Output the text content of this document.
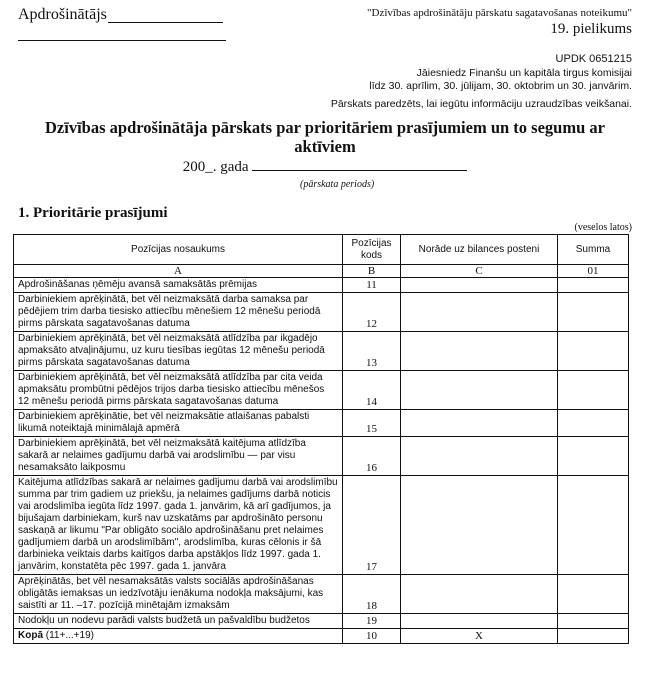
Apdrošinātājs	"Dzīvības apdrošinātāju pārskatu sagatavošanas noteikumu"
19. pielikums
UPDK 0651215
Jāiesniedz Finanšu un kapitāla tirgus komisijai
līdz 30. aprīlim, 30. jūlijam, 30. oktobrim un 30. janvārim.
Pārskats paredzēts, lai iegūtu informāciju uzraudzības veikšanai.
Dzīvības apdrošinātāja pārskats par prioritāriem prasījumiem un to segumu ar aktīviem
200_. gada
(pārskata periods)
1. Prioritārie prasījumi
(veselos latos)
Pozīcijas nosaukums	Pozīcijas kods	Norāde uz bilances posteni	Summa
A	B	C	01
Apdrošināšanas ņēmēju avansā samaksātās prēmijas	11		
Darbiniekiem aprēķinātā, bet vēl neizmaksātā darba samaksa par pēdējiem trim darba tiesisko attiecību mēnešiem 12 mēnešu periodā pirms pārskata sagatavošanas datuma	12		
Darbiniekiem aprēķinātā, bet vēl neizmaksātā atlīdzība par ikgadējo apmaksāto atvaļinājumu, uz kuru tiesības iegūtas 12 mēnešu periodā pirms pārskata sagatavošanas datuma	13		
Darbiniekiem aprēķinātā, bet vēl neizmaksātā atlīdzība par cita veida apmaksātu prombūtni pēdējos trijos darba tiesisko attiecību mēnešos 12 mēnešu periodā pirms pārskata sagatavošanas datuma	14		
Darbiniekiem aprēķinātie, bet vēl neizmaksātie atlaišanas pabalsti likumā noteiktajā minimālajā apmērā	15		
Darbiniekiem aprēķinātā, bet vēl neizmaksātā kaitējuma atlīdzība sakarā ar nelaimes gadījumu darbā vai arodslimību — par visu nesamaksāto laikposmu	16		
Kaitējuma atlīdzības sakarā ar nelaimes gadījumu darbā vai arodslimību summa par trim gadiem uz priekšu, ja nelaimes gadījums darbā noticis vai arodslimība iegūta līdz 1997. gada 1. janvārim, kā arī gadījumos, ja bijušajam darbiniekam, kurš nav uzskatāms par apdrošināto personu saskaņā ar likumu "Par obligāto sociālo apdrošināšanu pret nelaimes gadījumiem darbā un arodslimībām", arodslimība, kuras cēlonis ir šā darbinieka veiktais darbs kaitīgos darba apstākļos līdz 1997. gada 1. janvārim, konstatēta pēc 1997. gada 1. janvāra	17		
Aprēķinātās, bet vēl nesamaksātās valsts sociālās apdrošināšanas obligātās iemaksas un iedzīvotāju ienākuma nodokļa maksājumi, kas saistīti ar 11. –17. pozīcijā minētajām izmaksām	18		
Nodokļu un nodevu parādi valsts budžetā un pašvaldību budžetos	19		
Kopā (11+...+19)	10	X	
